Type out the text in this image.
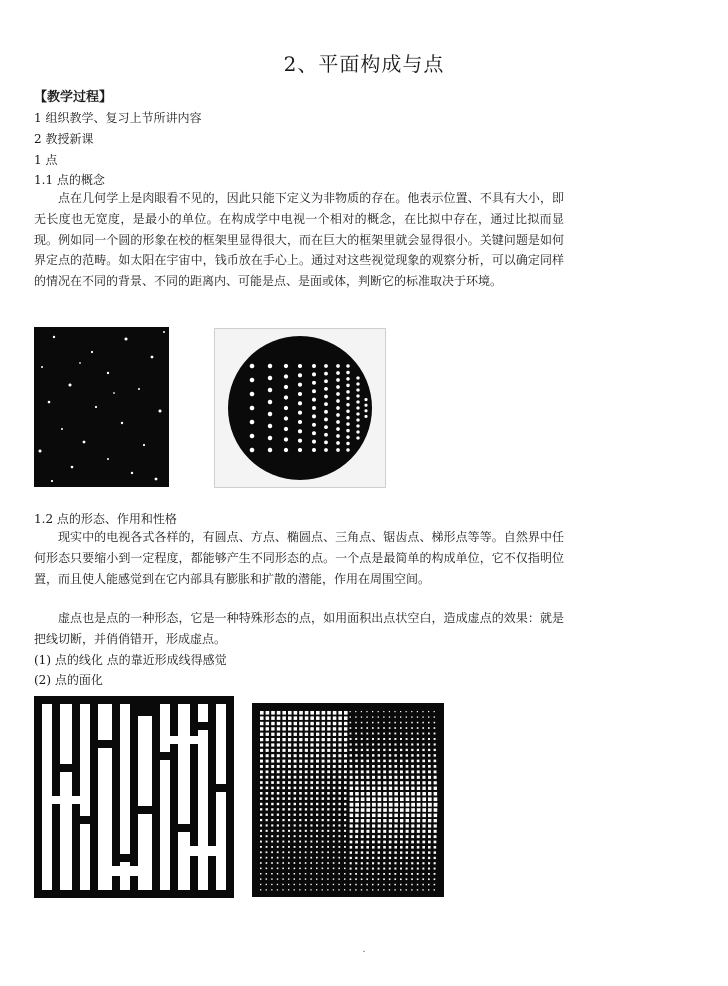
2、平面构成与点
【教学过程】
1 组织教学、复习上节所讲内容
2 教授新课
1 点
1.1 点的概念
点在几何学上是肉眼看不见的，因此只能下定义为非物质的存在。他表示位置、不具有大小，即无长度也无宽度，是最小的单位。在构成学中电视一个相对的概念，在比拟中存在，通过比拟而显现。例如同一个圆的形象在校的框架里显得很大，而在巨大的框架里就会显得很小。关键问题是如何界定点的范畴。如太阳在宇宙中，钱币放在手心上。通过对这些视觉现象的观察分析，可以确定同样的情况在不同的背景、不同的距离内、可能是点、是面或体，判断它的标准取决于环境。
1.2 点的形态、作用和性格
现实中的电视各式各样的，有圆点、方点、椭圆点、三角点、锯齿点、梯形点等等。自然界中任何形态只要缩小到一定程度，都能够产生不同形态的点。一个点是最简单的构成单位，它不仅指明位置，而且使人能感觉到在它内部具有膨胀和扩散的潜能，作用在周围空间。
虚点也是点的一种形态，它是一种特殊形态的点，如用面积出点状空白，造成虚点的效果：就是把线切断，并俏俏错开，形成虚点。
(1) 点的线化 点的靠近形成线得感觉
(2) 点的面化
.
